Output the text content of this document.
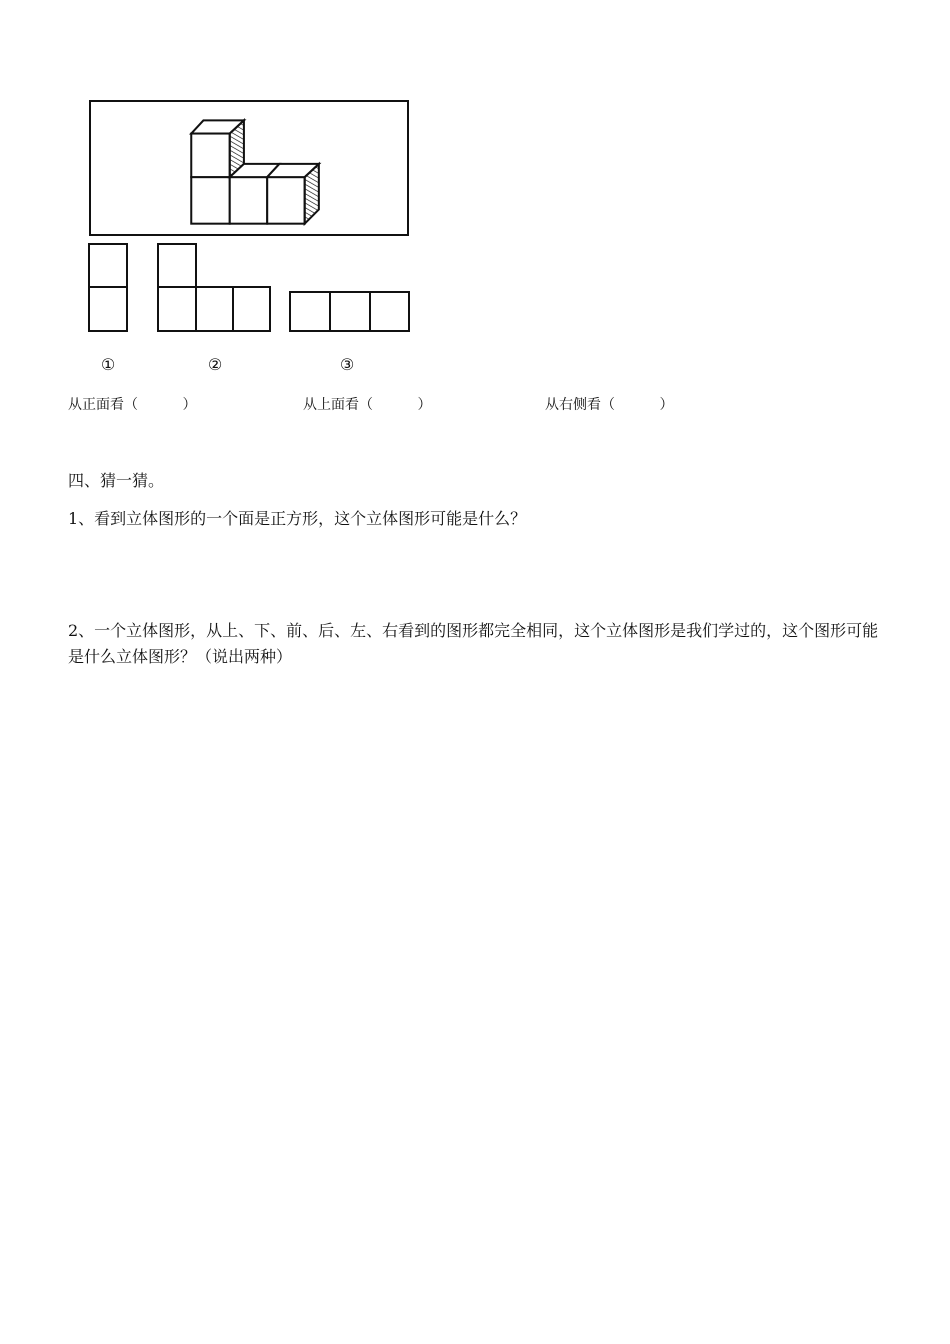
①	②	③
从正面看（          ）	从上面看（          ）	从右侧看（          ）
四、猜一猜。
1、看到立体图形的一个面是正方形，这个立体图形可能是什么？
2、一个立体图形，从上、下、前、后、左、右看到的图形都完全相同，这个立体图形是我们学过的，这个图形可能是什么立体图形？（说出两种）
